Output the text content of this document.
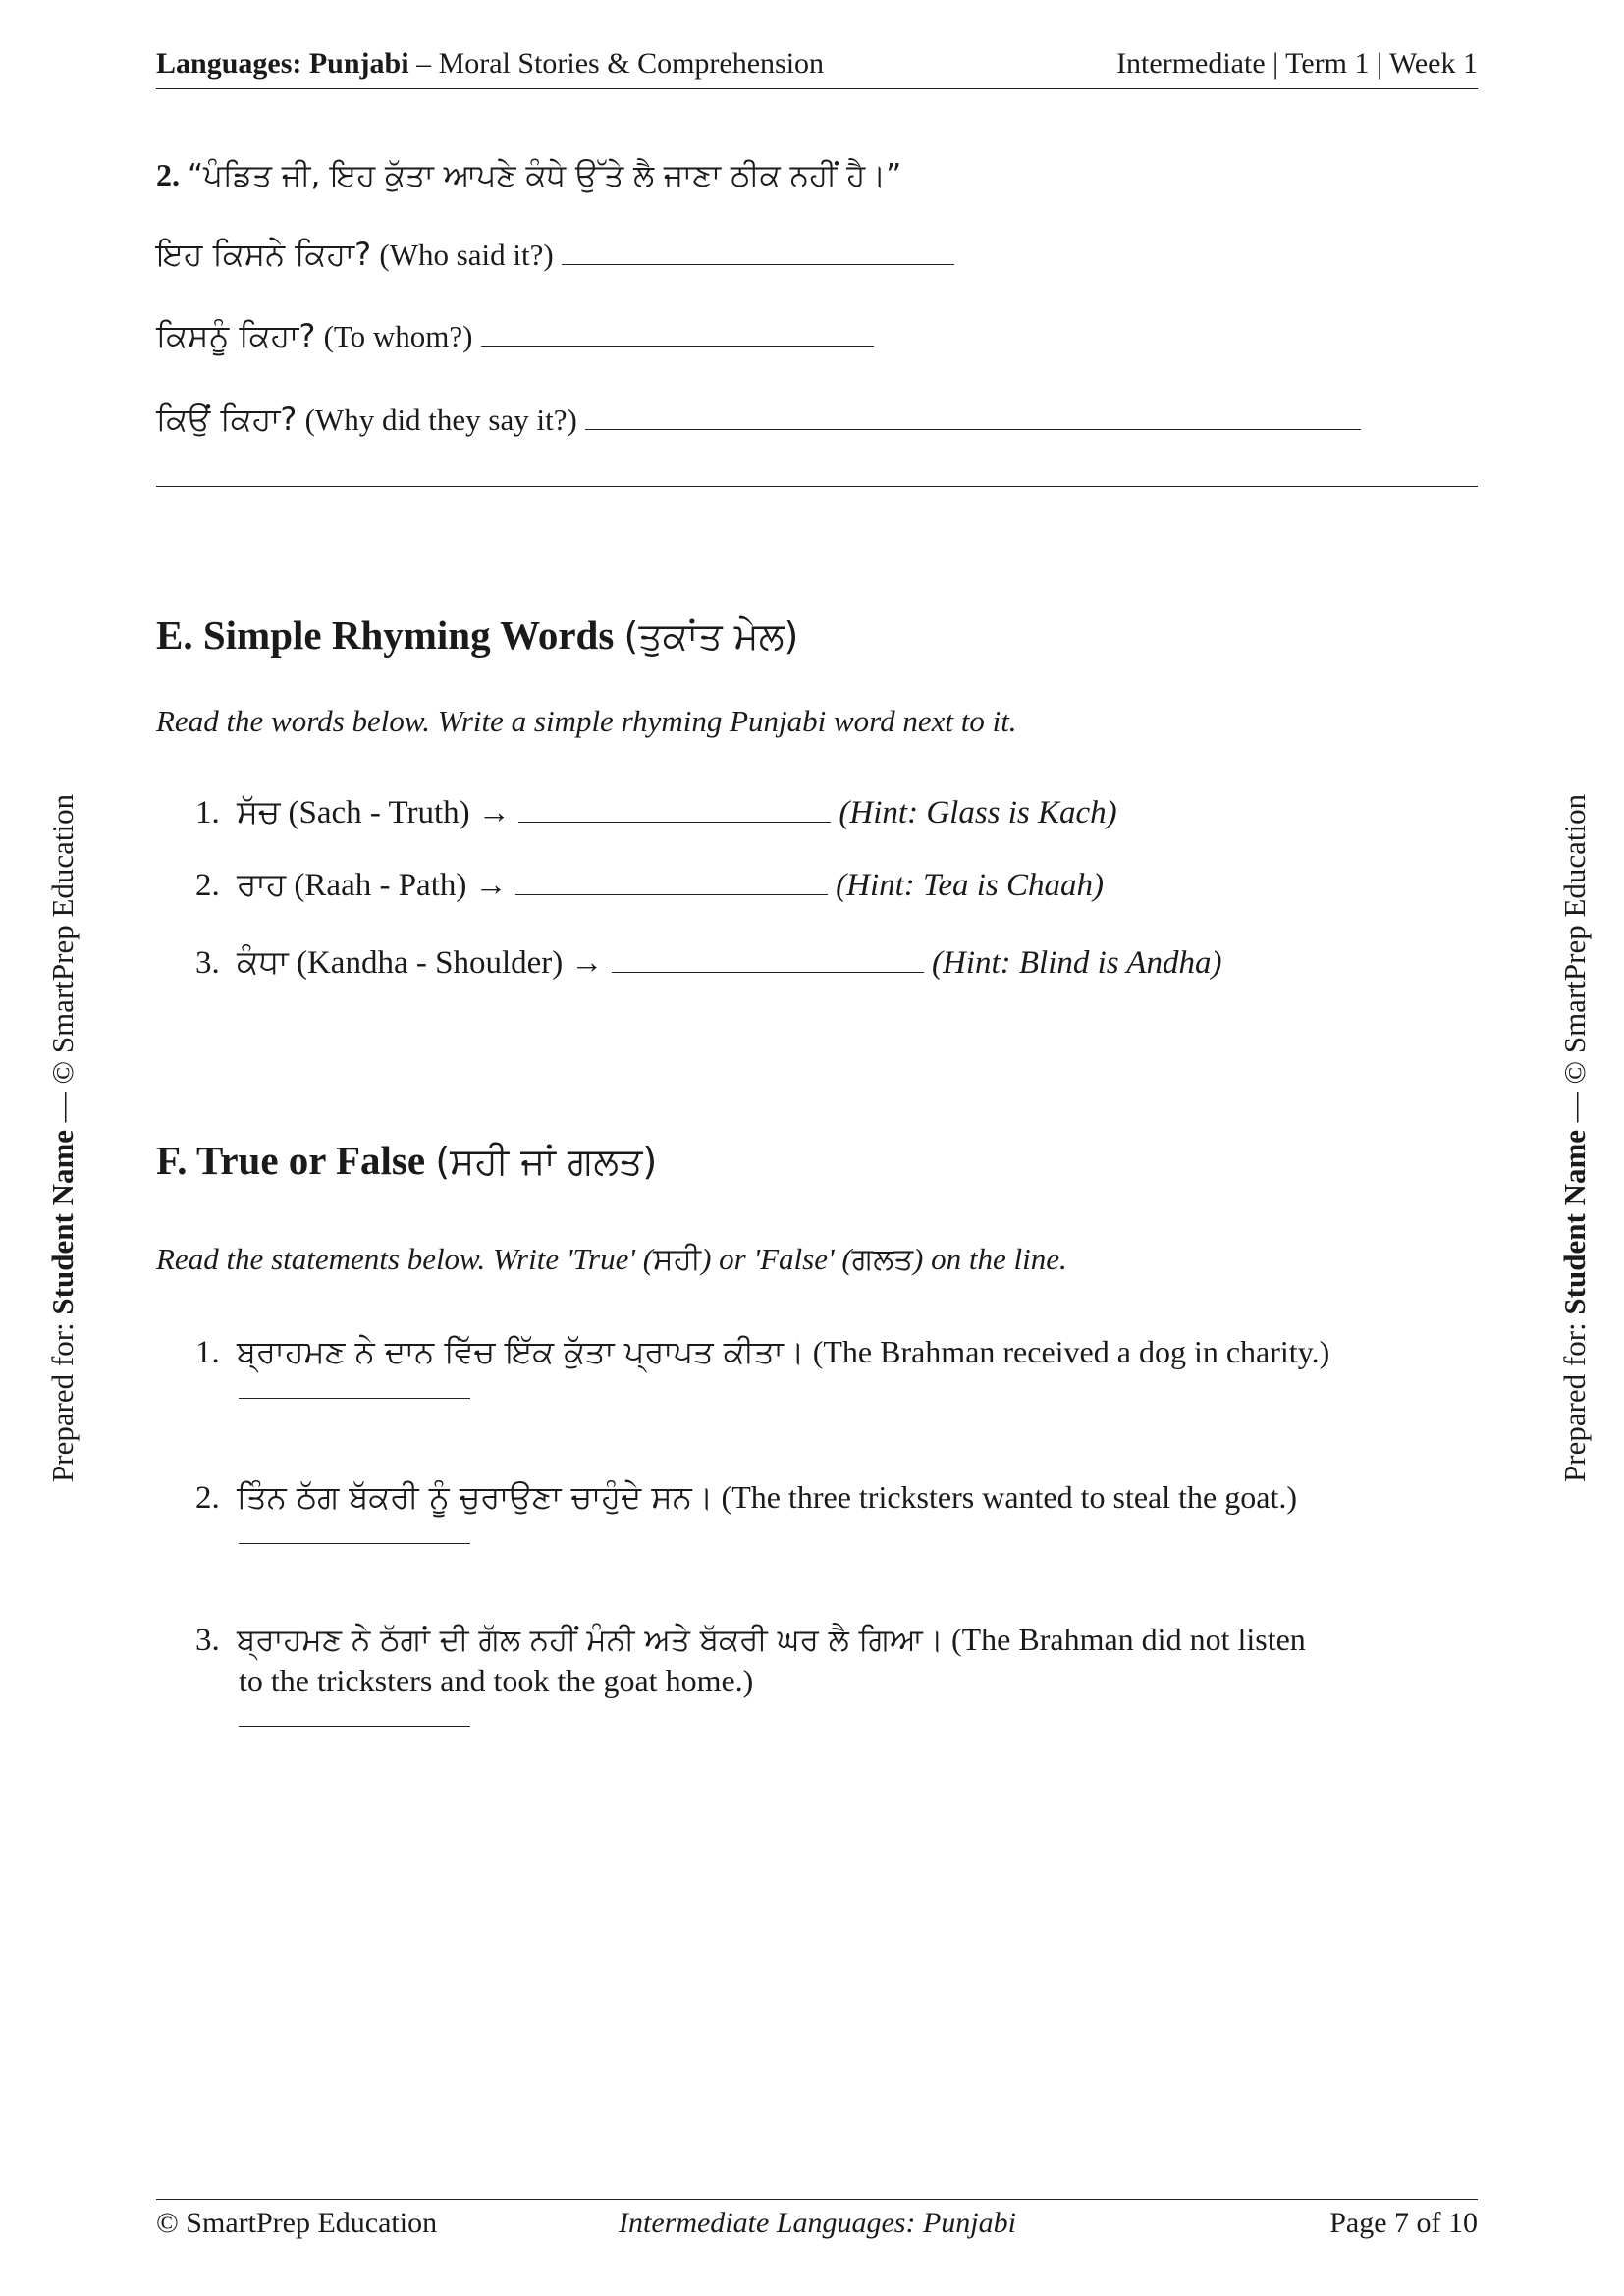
Languages: Punjabi – Moral Stories & Comprehension	Intermediate | Term 1 | Week 1
2. “ਪੰਡਿਤ ਜੀ, ਇਹ ਕੁੱਤਾ ਆਪਣੇ ਕੰਧੇ ਉੱਤੇ ਲੈ ਜਾਣਾ ਠੀਕ ਨਹੀਂ ਹੈ।”
ਇਹ ਕਿਸਨੇ ਕਿਹਾ? (Who said it?)
ਕਿਸਨੂੰ ਕਿਹਾ? (To whom?)
ਕਿਉਂ ਕਿਹਾ? (Why did they say it?)
E. Simple Rhyming Words (ਤੁਕਾਂਤ ਮੇਲ)
Read the words below. Write a simple rhyming Punjabi word next to it.
1. ਸੱਚ (Sach - Truth) →	(Hint: Glass is Kach)
2. ਰਾਹ (Raah - Path) →	(Hint: Tea is Chaah)
3. ਕੰਧਾ (Kandha - Shoulder) →	(Hint: Blind is Andha)
F. True or False (ਸਹੀ ਜਾਂ ਗਲਤ)
Read the statements below. Write 'True' (ਸਹੀ) or 'False' (ਗਲਤ) on the line.
1. ਬ੍ਰਾਹਮਣ ਨੇ ਦਾਨ ਵਿੱਚ ਇੱਕ ਕੁੱਤਾ ਪ੍ਰਾਪਤ ਕੀਤਾ। (The Brahman received a dog in charity.)
2. ਤਿੰਨ ਠੱਗ ਬੱਕਰੀ ਨੂੰ ਚੁਰਾਉਣਾ ਚਾਹੁੰਦੇ ਸਨ। (The three tricksters wanted to steal the goat.)
3. ਬ੍ਰਾਹਮਣ ਨੇ ਠੱਗਾਂ ਦੀ ਗੱਲ ਨਹੀਂ ਮੰਨੀ ਅਤੇ ਬੱਕਰੀ ਘਰ ਲੈ ਗਿਆ। (The Brahman did not listen
to the tricksters and took the goat home.)
Prepared for: Student Name — © SmartPrep Education
Prepared for: Student Name — © SmartPrep Education
© SmartPrep Education	Intermediate Languages: Punjabi	Page 7 of 10
